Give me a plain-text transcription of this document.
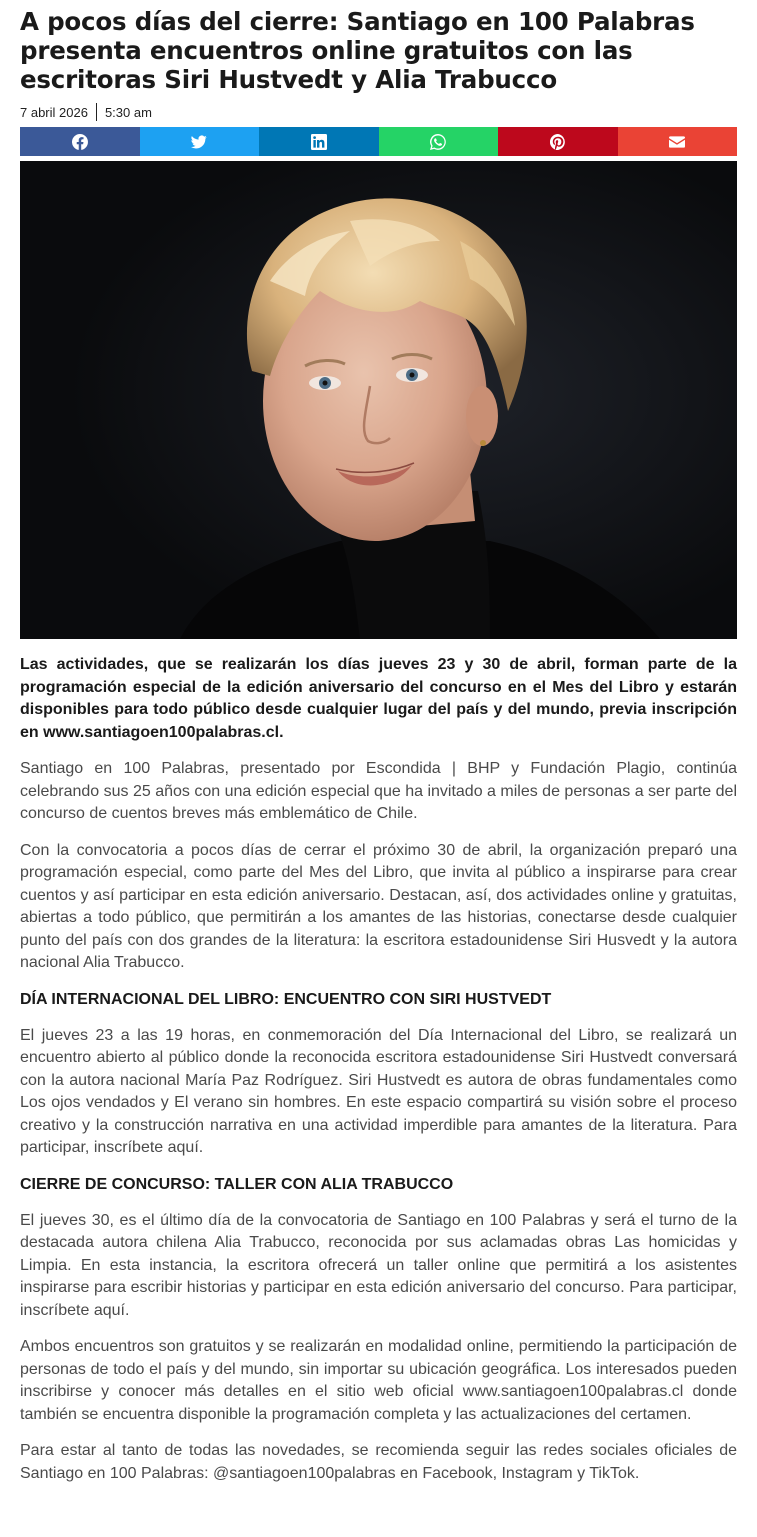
A pocos días del cierre: Santiago en 100 Palabras presenta encuentros online gratuitos con las escritoras Siri Hustvedt y Alia Trabucco
7 abril 2026	5:30 am

Las actividades, que se realizarán los días jueves 23 y 30 de abril, forman parte de la programación especial de la edición aniversario del concurso en el Mes del Libro y estarán disponibles para todo público desde cualquier lugar del país y del mundo, previa inscripción en www.santiagoen100palabras.cl.

Santiago en 100 Palabras, presentado por Escondida | BHP y Fundación Plagio, continúa celebrando sus 25 años con una edición especial que ha invitado a miles de personas a ser parte del concurso de cuentos breves más emblemático de Chile.

Con la convocatoria a pocos días de cerrar el próximo 30 de abril, la organización preparó una programación especial, como parte del Mes del Libro, que invita al público a inspirarse para crear cuentos y así participar en esta edición aniversario. Destacan, así, dos actividades online y gratuitas, abiertas a todo público, que permitirán a los amantes de las historias, conectarse desde cualquier punto del país con dos grandes de la literatura: la escritora estadounidense Siri Husvedt y la autora nacional Alia Trabucco.

DÍA INTERNACIONAL DEL LIBRO: ENCUENTRO CON SIRI HUSTVEDT

El jueves 23 a las 19 horas, en conmemoración del Día Internacional del Libro, se realizará un encuentro abierto al público donde la reconocida escritora estadounidense Siri Hustvedt conversará con la autora nacional María Paz Rodríguez. Siri Hustvedt es autora de obras fundamentales como Los ojos vendados y El verano sin hombres. En este espacio compartirá su visión sobre el proceso creativo y la construcción narrativa en una actividad imperdible para amantes de la literatura. Para participar, inscríbete aquí.

CIERRE DE CONCURSO: TALLER CON ALIA TRABUCCO

El jueves 30, es el último día de la convocatoria de Santiago en 100 Palabras y será el turno de la destacada autora chilena Alia Trabucco, reconocida por sus aclamadas obras Las homicidas y Limpia. En esta instancia, la escritora ofrecerá un taller online que permitirá a los asistentes inspirarse para escribir historias y participar en esta edición aniversario del concurso. Para participar, inscríbete aquí.

Ambos encuentros son gratuitos y se realizarán en modalidad online, permitiendo la participación de personas de todo el país y del mundo, sin importar su ubicación geográfica. Los interesados pueden inscribirse y conocer más detalles en el sitio web oficial www.santiagoen100palabras.cl donde también se encuentra disponible la programación completa y las actualizaciones del certamen.

Para estar al tanto de todas las novedades, se recomienda seguir las redes sociales oficiales de Santiago en 100 Palabras: @santiagoen100palabras en Facebook, Instagram y TikTok.
